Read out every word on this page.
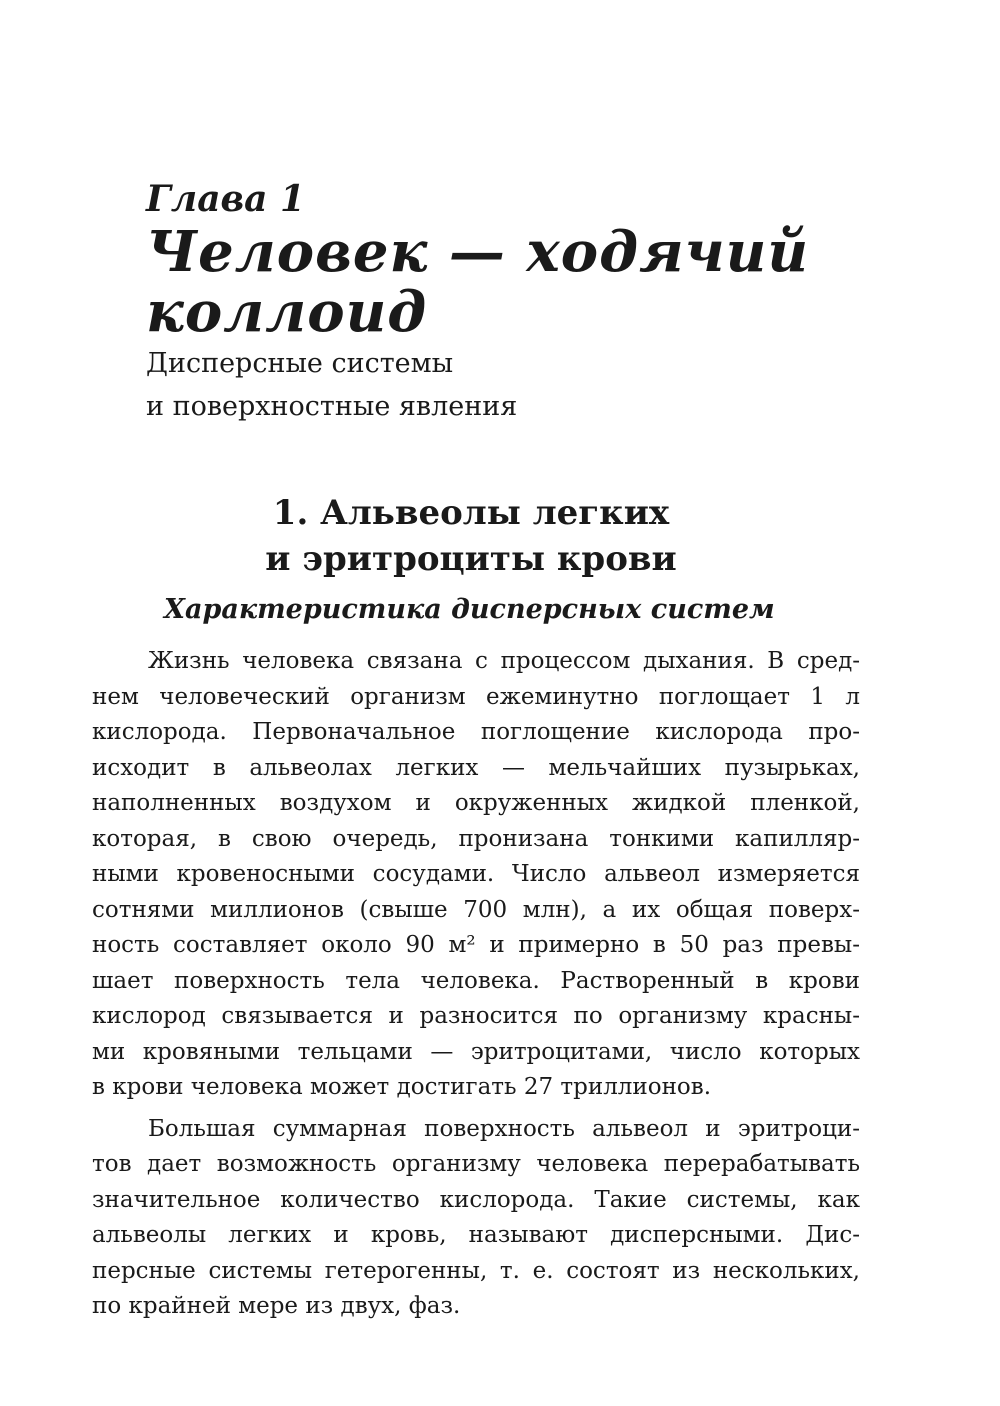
Глава 1
Человек — ходячий
коллоид
Дисперсные системы
и поверхностные явления
1. Альвеолы легких
и эритроциты крови
Характеристика дисперсных систем

Жизнь человека связана с процессом дыхания. В сред-
нем человеческий организм ежеминутно поглощает 1 л
кислорода. Первоначальное поглощение кислорода про-
исходит в альвеолах легких — мельчайших пузырьках,
наполненных воздухом и окруженных жидкой пленкой,
которая, в свою очередь, пронизана тонкими капилляр-
ными кровеносными сосудами. Число альвеол измеряется
сотнями миллионов (свыше 700 млн), а их общая поверх-
ность составляет около 90 м² и примерно в 50 раз превы-
шает поверхность тела человека. Растворенный в крови
кислород связывается и разносится по организму красны-
ми кровяными тельцами — эритроцитами, число которых
в крови человека может достигать 27 триллионов.

Большая суммарная поверхность альвеол и эритроци-
тов дает возможность организму человека перерабатывать
значительное количество кислорода. Такие системы, как
альвеолы легких и кровь, называют дисперсными. Дис-
персные системы гетерогенны, т. е. состоят из нескольких,
по крайней мере из двух, фаз.
